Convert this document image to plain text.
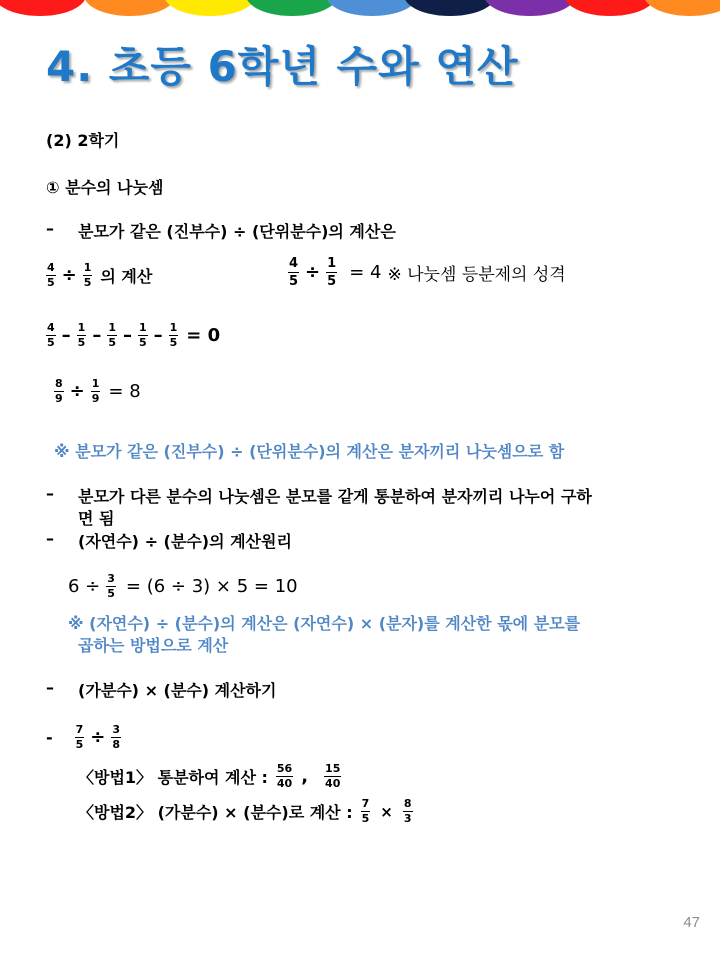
4. 초등 6학년 수와 연산
(2) 2학기
① 분수의 나눗셈
– 분모가 같은 (진부수) ÷ (단위분수)의 계산은
$\frac{4}{5} \div \frac{1}{5}$ 의 계산	$\frac{4}{5} \div \frac{1}{5} = 4$ ※ 나눗셈 등분제의 성격
$\frac{4}{5} - \frac{1}{5} - \frac{1}{5} - \frac{1}{5} - \frac{1}{5} = 0$
$\frac{8}{9} \div \frac{1}{9} = 8$
※ 분모가 같은 (진부수) ÷ (단위분수)의 계산은 분자끼리 나눗셈으로 함
– 분모가 다른 분수의 나눗셈은 분모를 같게 통분하여 분자끼리 나누어 구하
면 됨
– (자연수) ÷ (분수)의 계산원리
$6 \div \frac{3}{5} = (6 \div 3) \times 5 = 10$
※ (자연수) ÷ (분수)의 계산은 (자연수) × (분자)를 계산한 몫에 분모를
곱하는 방법으로 계산
– (가분수) × (분수) 계산하기
- $\frac{7}{5} \div \frac{3}{8}$
〈방법1〉 통분하여 계산 : $\frac{56}{40}$ , $\frac{15}{40}$
〈방법2〉 (가분수) × (분수)로 계산 : $\frac{7}{5} \times \frac{8}{3}$
47
